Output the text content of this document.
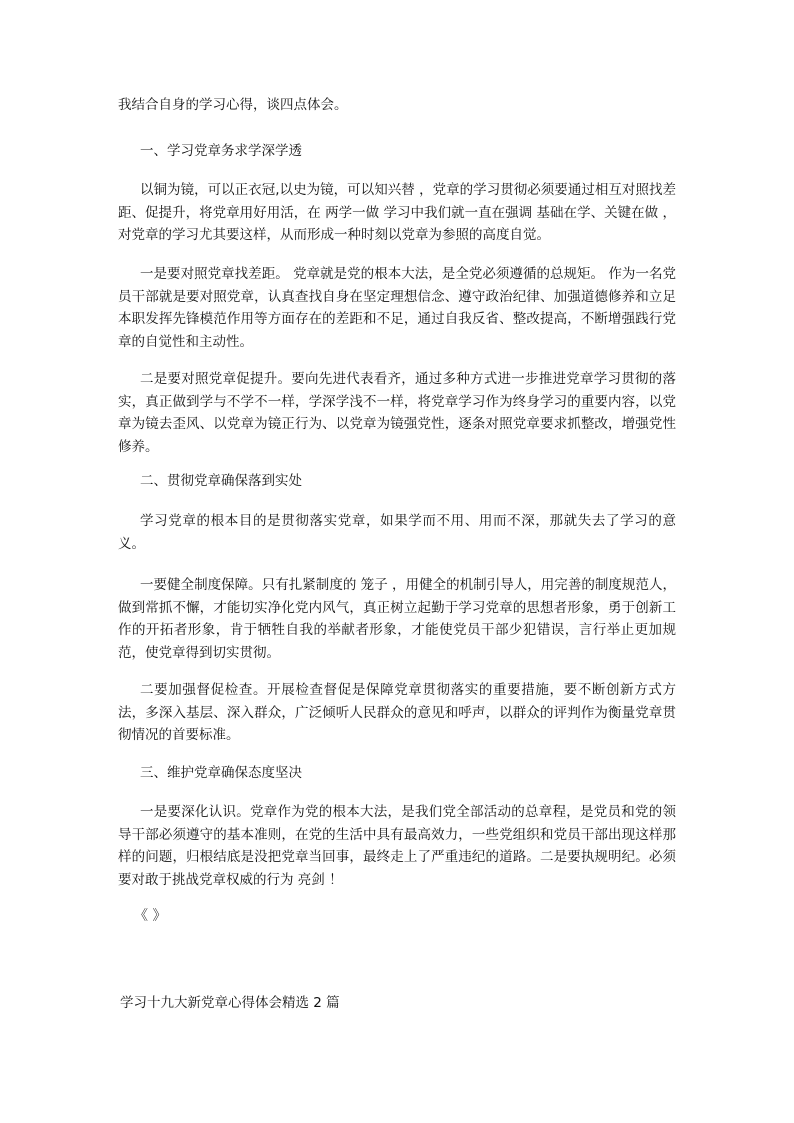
我结合自身的学习心得，谈四点体会。

一、学习党章务求学深学透

以铜为镜，可以正衣冠,以史为镜，可以知兴替 ，党章的学习贯彻必须要通过相互对照找差距、促提升，将党章用好用活，在 两学一做 学习中我们就一直在强调 基础在学、关键在做 ，对党章的学习尤其要这样，从而形成一种时刻以党章为参照的高度自觉。

一是要对照党章找差距。 党章就是党的根本大法，是全党必须遵循的总规矩。 作为一名党员干部就是要对照党章，认真查找自身在坚定理想信念、遵守政治纪律、加强道德修养和立足本职发挥先锋模范作用等方面存在的差距和不足，通过自我反省、整改提高，不断增强践行党章的自觉性和主动性。

二是要对照党章促提升。要向先进代表看齐，通过多种方式进一步推进党章学习贯彻的落实，真正做到学与不学不一样，学深学浅不一样，将党章学习作为终身学习的重要内容，以党章为镜去歪风、以党章为镜正行为、以党章为镜强党性，逐条对照党章要求抓整改，增强党性修养。

二、贯彻党章确保落到实处

学习党章的根本目的是贯彻落实党章，如果学而不用、用而不深，那就失去了学习的意义。

一要健全制度保障。只有扎紧制度的 笼子 ，用健全的机制引导人，用完善的制度规范人，做到常抓不懈，才能切实净化党内风气，真正树立起勤于学习党章的思想者形象，勇于创新工作的开拓者形象，肯于牺牲自我的举献者形象，才能使党员干部少犯错误，言行举止更加规范，使党章得到切实贯彻。

二要加强督促检查。开展检查督促是保障党章贯彻落实的重要措施，要不断创新方式方法，多深入基层、深入群众，广泛倾听人民群众的意见和呼声，以群众的评判作为衡量党章贯彻情况的首要标准。

三、维护党章确保态度坚决

一是要深化认识。党章作为党的根本大法，是我们党全部活动的总章程，是党员和党的领导干部必须遵守的基本准则，在党的生活中具有最高效力，一些党组织和党员干部出现这样那样的问题，归根结底是没把党章当回事，最终走上了严重违纪的道路。二是要执规明纪。必须要对敢于挑战党章权威的行为 亮剑 ！

《 》
学习十九大新党章心得体会精选 2 篇
